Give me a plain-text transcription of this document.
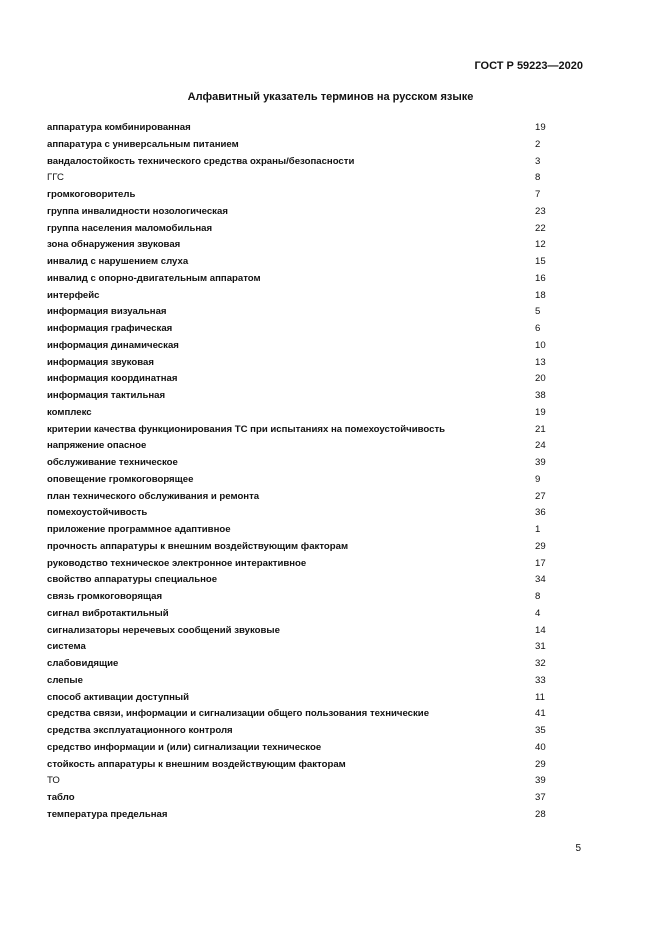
ГОСТ Р 59223—2020
Алфавитный указатель терминов на русском языке
аппаратура комбинированная	19
аппаратура с универсальным питанием	2
вандалостойкость технического средства охраны/безопасности	3
ГГС	8
громкоговоритель	7
группа инвалидности нозологическая	23
группа населения маломобильная	22
зона обнаружения звуковая	12
инвалид с нарушением слуха	15
инвалид с опорно-двигательным аппаратом	16
интерфейс	18
информация визуальная	5
информация графическая	6
информация динамическая	10
информация звуковая	13
информация координатная	20
информация тактильная	38
комплекс	19
критерии качества функционирования ТС при испытаниях на помехоустойчивость	21
напряжение опасное	24
обслуживание техническое	39
оповещение громкоговорящее	9
план технического обслуживания и ремонта	27
помехоустойчивость	36
приложение программное адаптивное	1
прочность аппаратуры к внешним воздействующим факторам	29
руководство техническое электронное интерактивное	17
свойство аппаратуры специальное	34
связь громкоговорящая	8
сигнал вибротактильный	4
сигнализаторы неречевых сообщений звуковые	14
система	31
слабовидящие	32
слепые	33
способ активации доступный	11
средства связи, информации и сигнализации общего пользования технические	41
средства эксплуатационного контроля	35
средство информации и (или) сигнализации техническое	40
стойкость аппаратуры к внешним воздействующим факторам	29
ТО	39
табло	37
температура предельная	28
5
